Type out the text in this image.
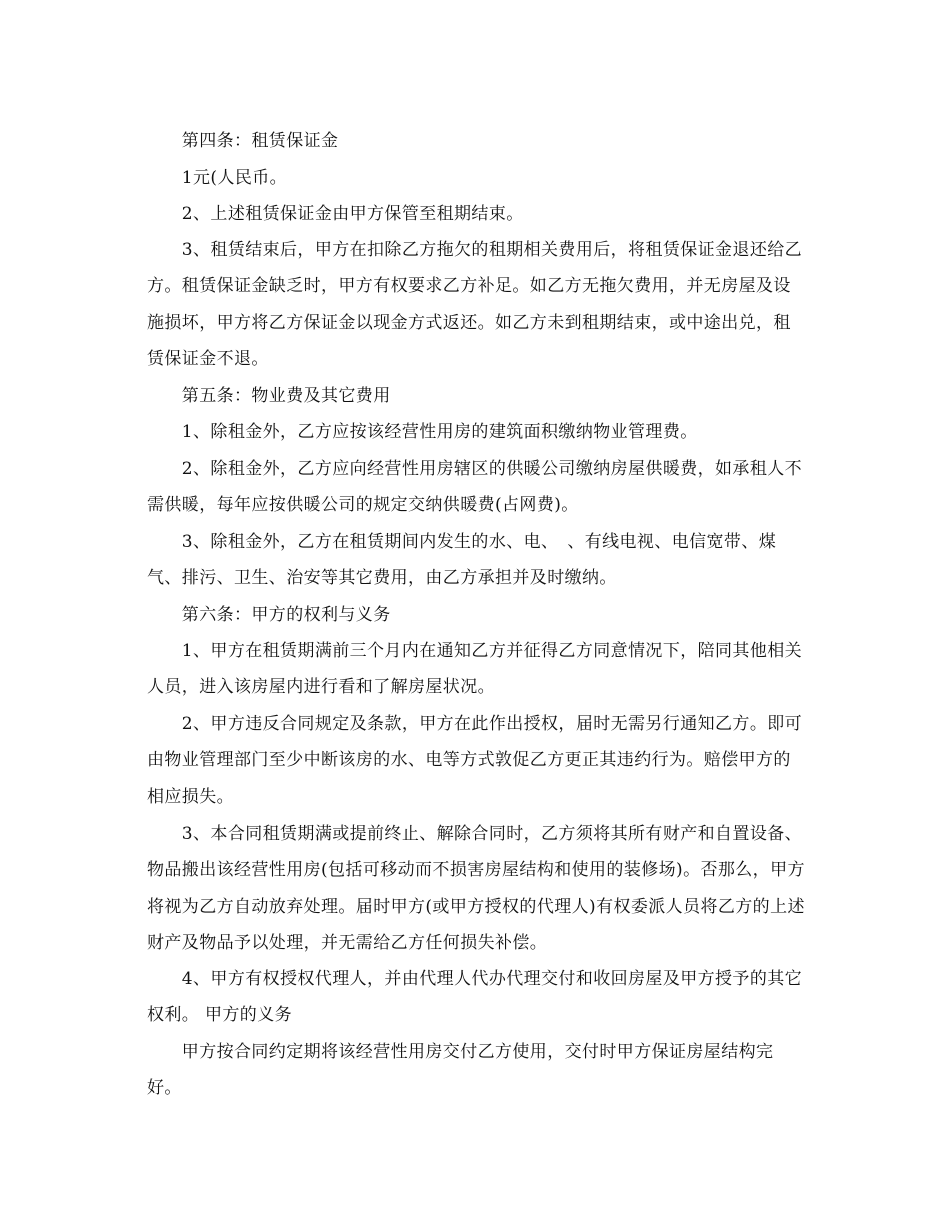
　　第四条：租赁保证金
　　1元(人民币。
　　2、上述租赁保证金由甲方保管至租期结束。
　　3、租赁结束后，甲方在扣除乙方拖欠的租期相关费用后，将租赁保证金退还给乙方。租赁保证金缺乏时，甲方有权要求乙方补足。如乙方无拖欠费用，并无房屋及设施损坏，甲方将乙方保证金以现金方式返还。如乙方未到租期结束，或中途出兑，租赁保证金不退。
　　第五条：物业费及其它费用
　　1、除租金外，乙方应按该经营性用房的建筑面积缴纳物业管理费。
　　2、除租金外，乙方应向经营性用房辖区的供暖公司缴纳房屋供暖费，如承租人不需供暖，每年应按供暖公司的规定交纳供暖费(占网费)。
　　3、除租金外，乙方在租赁期间内发生的水、电、　、有线电视、电信宽带、煤气、排污、卫生、治安等其它费用，由乙方承担并及时缴纳。
　　第六条：甲方的权利与义务
　　1、甲方在租赁期满前三个月内在通知乙方并征得乙方同意情况下，陪同其他相关人员，进入该房屋内进行看和了解房屋状况。
　　2、甲方违反合同规定及条款，甲方在此作出授权，届时无需另行通知乙方。即可由物业管理部门至少中断该房的水、电等方式敦促乙方更正其违约行为。赔偿甲方的相应损失。
　　3、本合同租赁期满或提前终止、解除合同时，乙方须将其所有财产和自置设备、物品搬出该经营性用房(包括可移动而不损害房屋结构和使用的装修场)。否那么，甲方将视为乙方自动放弃处理。届时甲方(或甲方授权的代理人)有权委派人员将乙方的上述财产及物品予以处理，并无需给乙方任何损失补偿。
　　4、甲方有权授权代理人，并由代理人代办代理交付和收回房屋及甲方授予的其它权利。 甲方的义务
　　甲方按合同约定期将该经营性用房交付乙方使用，交付时甲方保证房屋结构完好。
